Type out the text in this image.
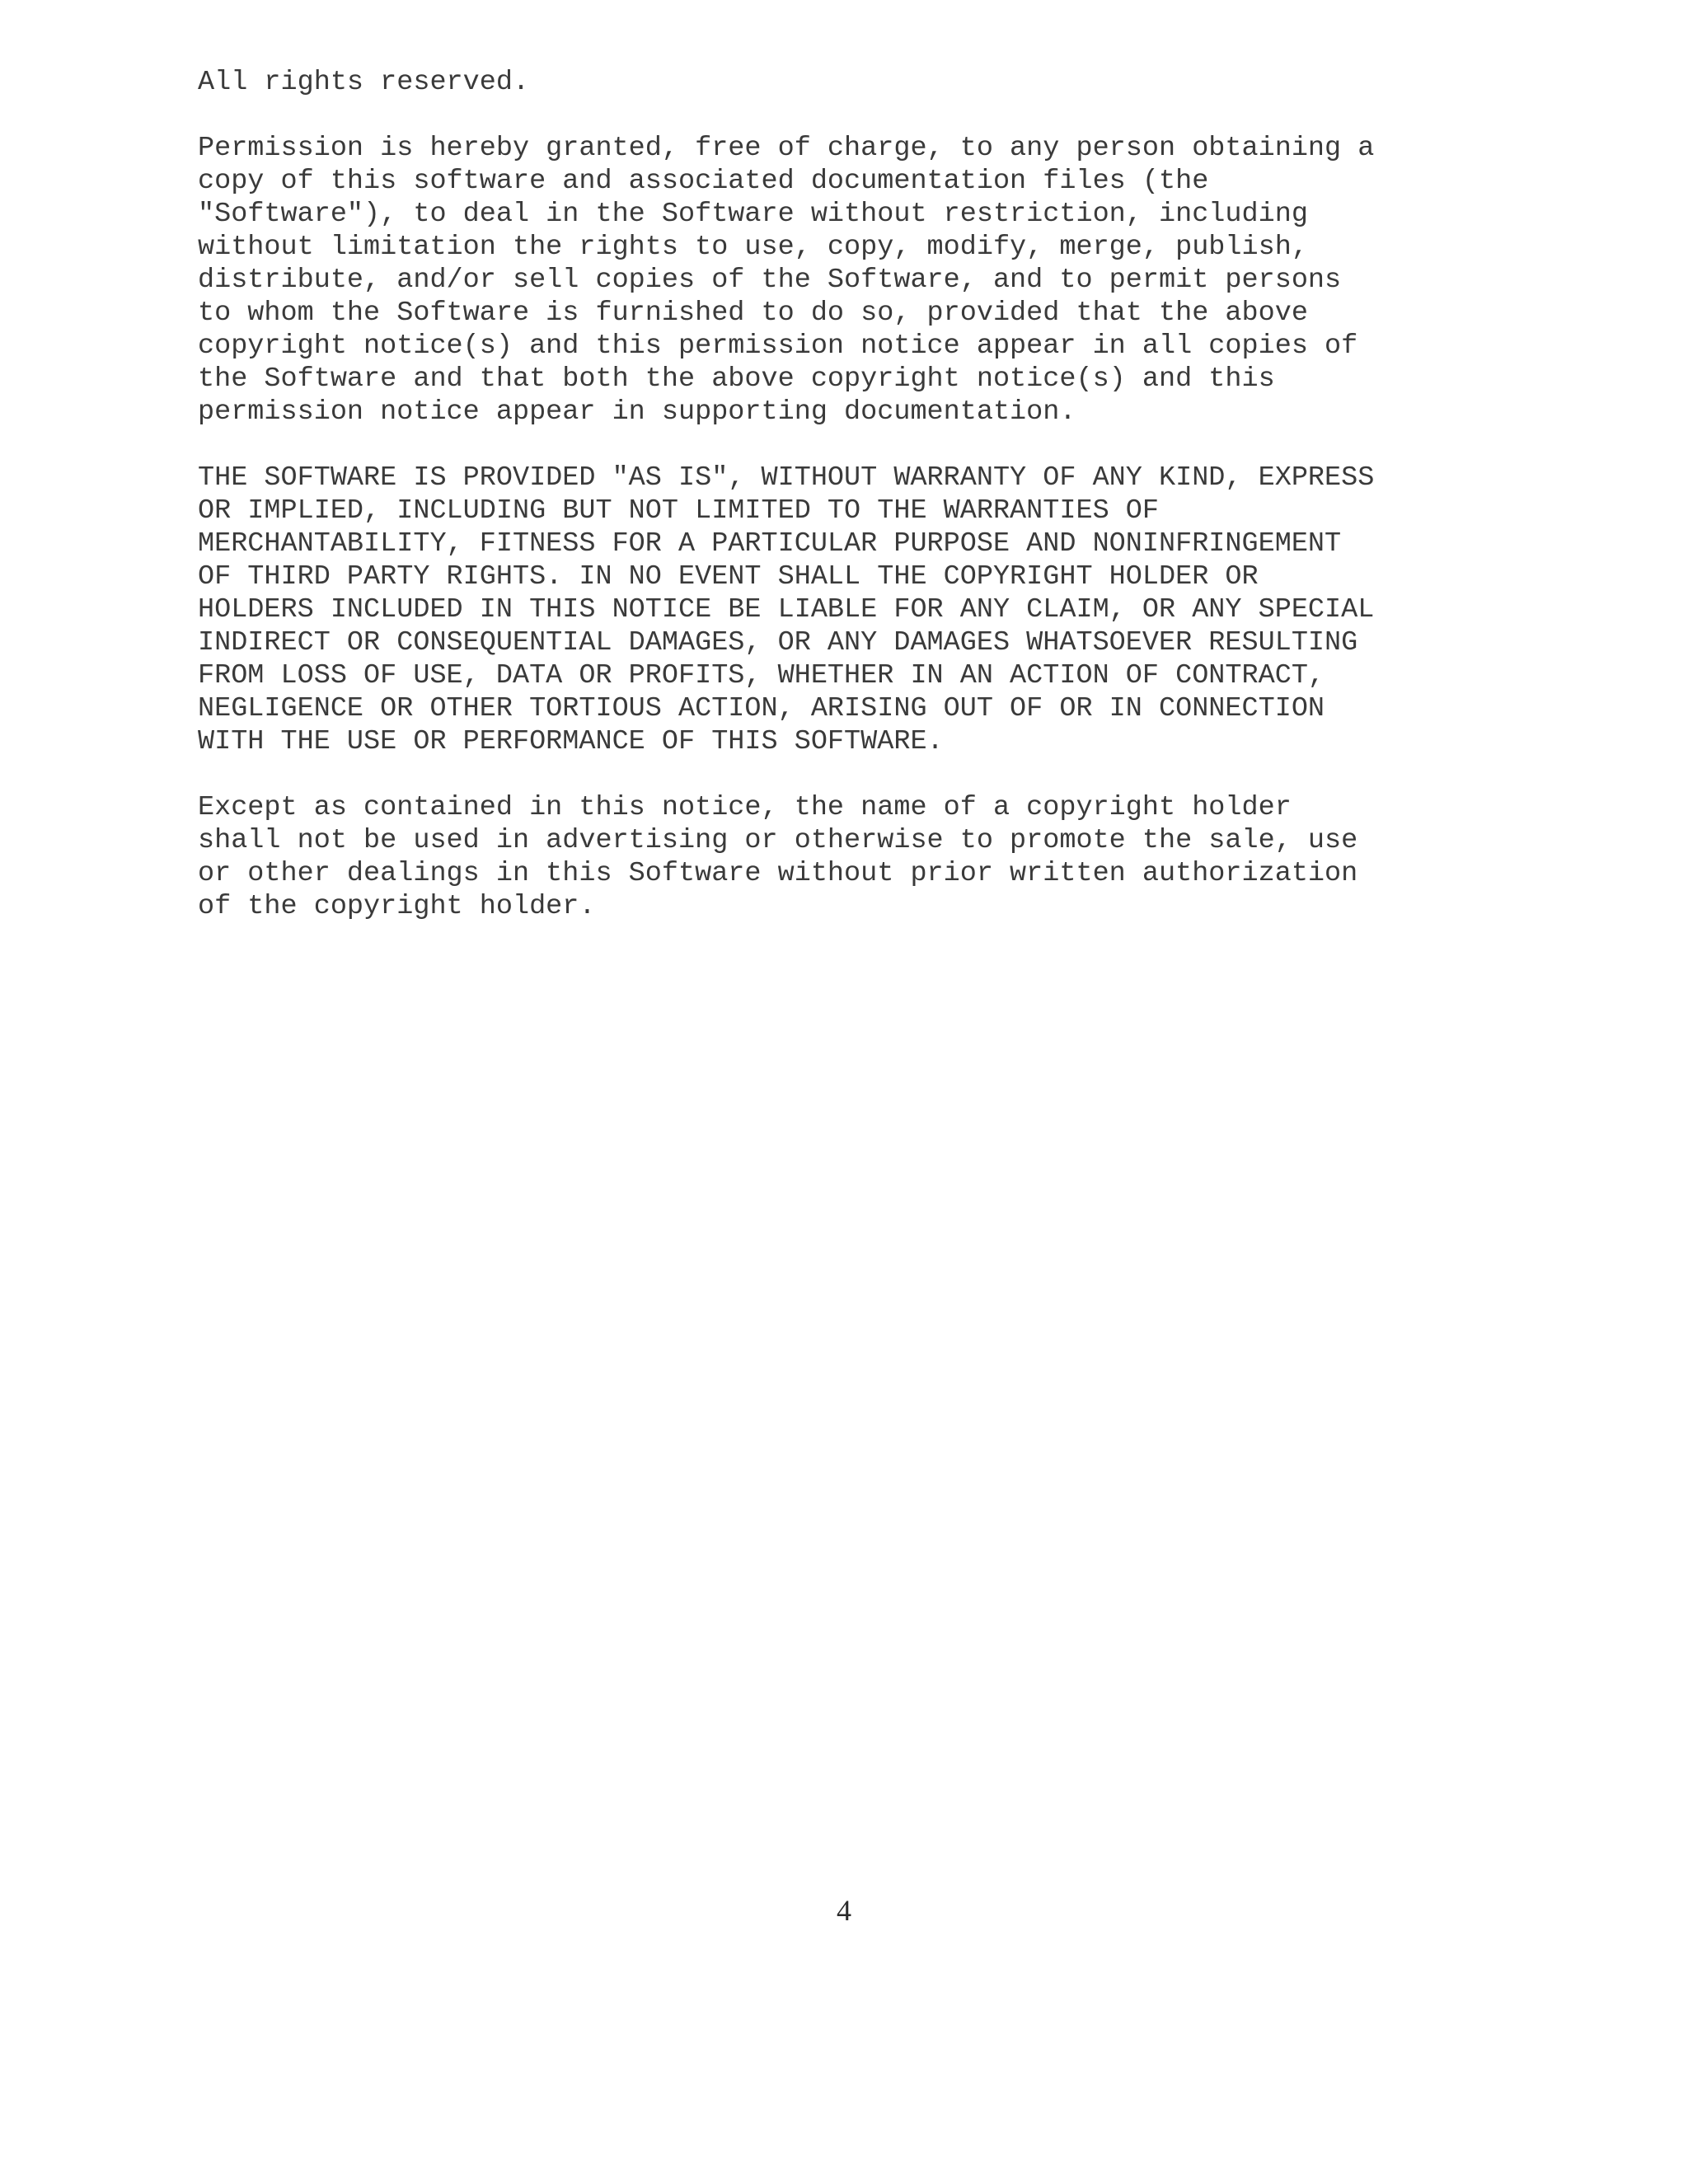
All rights reserved.
Permission is hereby granted, free of charge, to any person obtaining a
copy of this software and associated documentation files (the
"Software"), to deal in the Software without restriction, including
without limitation the rights to use, copy, modify, merge, publish,
distribute, and/or sell copies of the Software, and to permit persons
to whom the Software is furnished to do so, provided that the above
copyright notice(s) and this permission notice appear in all copies of
the Software and that both the above copyright notice(s) and this
permission notice appear in supporting documentation.
THE SOFTWARE IS PROVIDED "AS IS", WITHOUT WARRANTY OF ANY KIND, EXPRESS
OR IMPLIED, INCLUDING BUT NOT LIMITED TO THE WARRANTIES OF
MERCHANTABILITY, FITNESS FOR A PARTICULAR PURPOSE AND NONINFRINGEMENT
OF THIRD PARTY RIGHTS. IN NO EVENT SHALL THE COPYRIGHT HOLDER OR
HOLDERS INCLUDED IN THIS NOTICE BE LIABLE FOR ANY CLAIM, OR ANY SPECIAL
INDIRECT OR CONSEQUENTIAL DAMAGES, OR ANY DAMAGES WHATSOEVER RESULTING
FROM LOSS OF USE, DATA OR PROFITS, WHETHER IN AN ACTION OF CONTRACT,
NEGLIGENCE OR OTHER TORTIOUS ACTION, ARISING OUT OF OR IN CONNECTION
WITH THE USE OR PERFORMANCE OF THIS SOFTWARE.
Except as contained in this notice, the name of a copyright holder
shall not be used in advertising or otherwise to promote the sale, use
or other dealings in this Software without prior written authorization
of the copyright holder.
4
